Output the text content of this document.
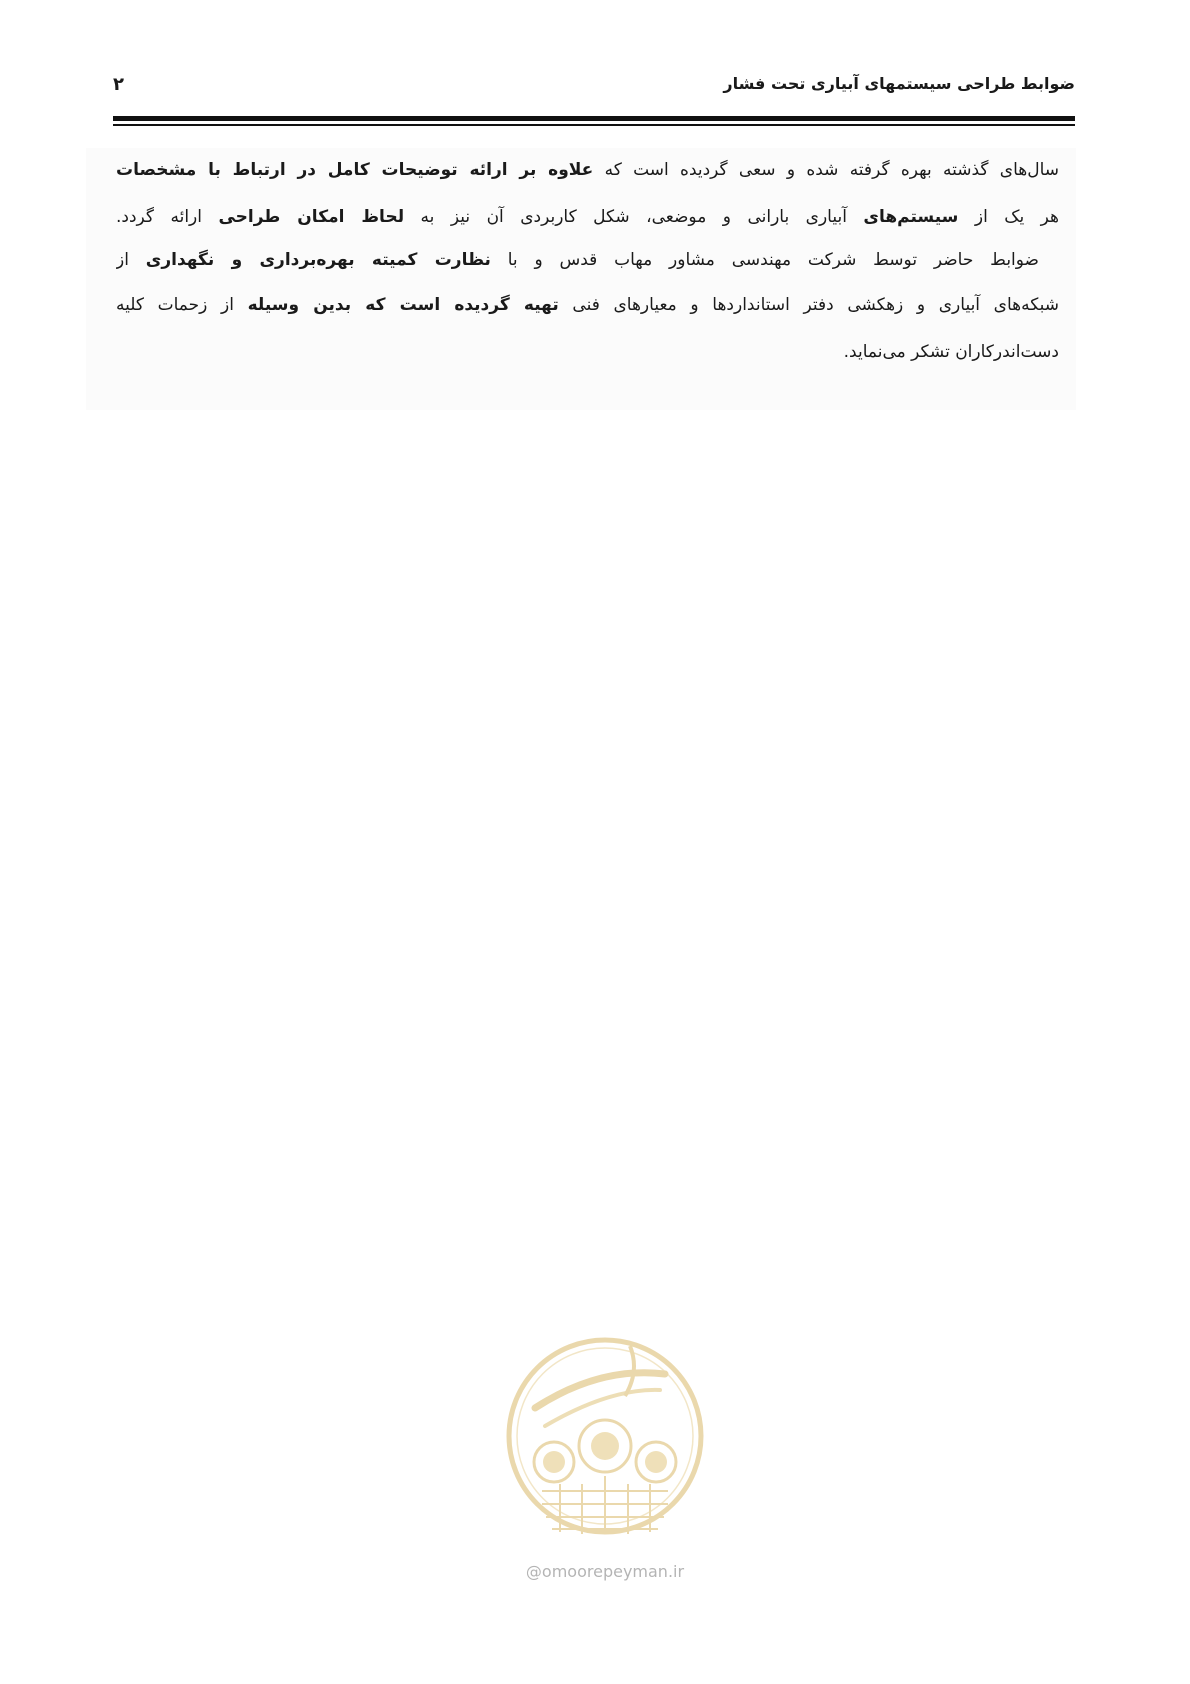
ضوابط طراحی سیستمهای آبیاری تحت فشار
۲
سال‌های گذشته بهره گرفته شده و سعی گردیده است که علاوه بر ارائه توضیحات کامل در ارتباط با مشخصات
هر یک از سیستم‌های آبیاری بارانی و موضعی، شکل کاربردی آن نیز به لحاظ امکان طراحی ارائه گردد.
ضوابط حاضر توسط شرکت مهندسی مشاور مهاب قدس و با نظارت کمیته بهره‌برداری و نگهداری از
شبکه‌های آبیاری و زهکشی دفتر استانداردها و معیارهای فنی تهیه گردیده است که بدین وسیله از زحمات کلیه
دست‌اندرکاران تشکر می‌نماید.
@omoorepeyman.ir
